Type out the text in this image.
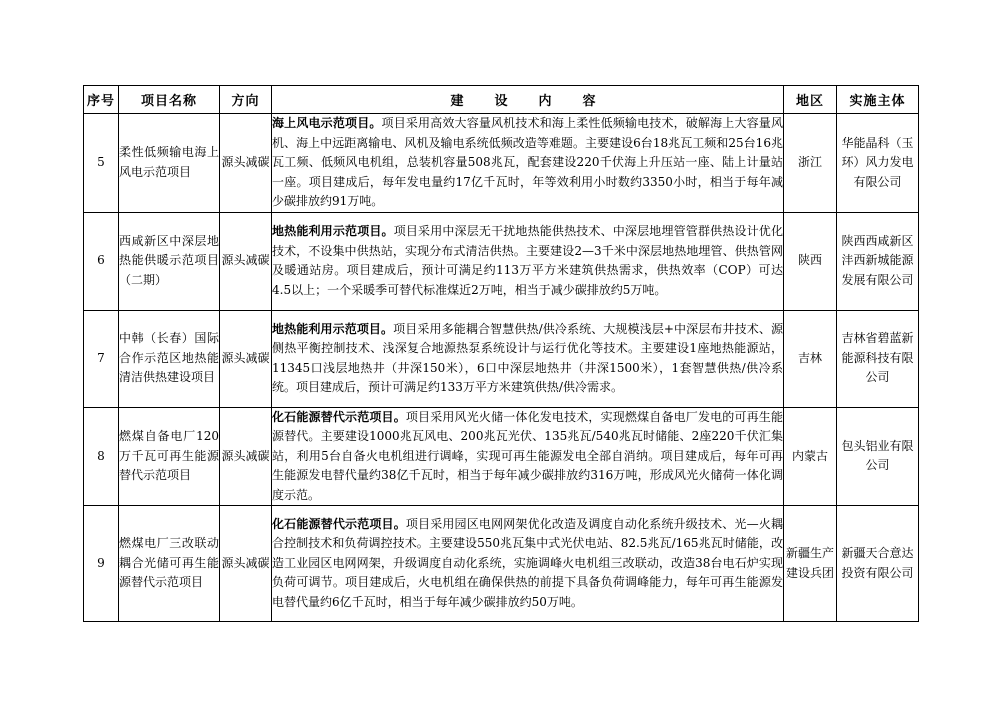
序号	项目名称	方向	建　设　内　容	地区	实施主体
5	柔性低频输电海上风电示范项目	源头减碳	海上风电示范项目。项目采用高效大容量风机技术和海上柔性低频输电技术，破解海上大容量风机、海上中远距离输电、风机及输电系统低频改造等难题。主要建设6台18兆瓦工频和25台16兆瓦工频、低频风电机组，总装机容量508兆瓦，配套建设220千伏海上升压站一座、陆上计量站一座。项目建成后，每年发电量约17亿千瓦时，年等效利用小时数约3350小时，相当于每年减少碳排放约91万吨。	浙江	华能晶科（玉环）风力发电有限公司
6	西咸新区中深层地热能供暖示范项目（二期）	源头减碳	地热能利用示范项目。项目采用中深层无干扰地热能供热技术、中深层地埋管管群供热设计优化技术，不设集中供热站，实现分布式清洁供热。主要建设2—3千米中深层地热地埋管、供热管网及暖通站房。项目建成后，预计可满足约113万平方米建筑供热需求，供热效率（COP）可达4.5以上；一个采暖季可替代标准煤近2万吨，相当于减少碳排放约5万吨。	陕西	陕西西咸新区沣西新城能源发展有限公司
7	中韩（长春）国际合作示范区地热能清洁供热建设项目	源头减碳	地热能利用示范项目。项目采用多能耦合智慧供热/供冷系统、大规模浅层+中深层布井技术、源侧热平衡控制技术、浅深复合地源热泵系统设计与运行优化等技术。主要建设1座地热能源站，11345口浅层地热井（井深150米），6口中深层地热井（井深1500米），1套智慧供热/供冷系统。项目建成后，预计可满足约133万平方米建筑供热/供冷需求。	吉林	吉林省碧蓝新能源科技有限公司
8	燃煤自备电厂120万千瓦可再生能源替代示范项目	源头减碳	化石能源替代示范项目。项目采用风光火储一体化发电技术，实现燃煤自备电厂发电的可再生能源替代。主要建设1000兆瓦风电、200兆瓦光伏、135兆瓦/540兆瓦时储能、2座220千伏汇集站，利用5台自备火电机组进行调峰，实现可再生能源发电全部自消纳。项目建成后，每年可再生能源发电替代量约38亿千瓦时，相当于每年减少碳排放约316万吨，形成风光火储荷一体化调度示范。	内蒙古	包头铝业有限公司
9	燃煤电厂三改联动耦合光储可再生能源替代示范项目	源头减碳	化石能源替代示范项目。项目采用园区电网网架优化改造及调度自动化系统升级技术、光—火耦合控制技术和负荷调控技术。主要建设550兆瓦集中式光伏电站、82.5兆瓦/165兆瓦时储能，改造工业园区电网网架，升级调度自动化系统，实施调峰火电机组三改联动，改造38台电石炉实现负荷可调节。项目建成后，火电机组在确保供热的前提下具备负荷调峰能力，每年可再生能源发电替代量约6亿千瓦时，相当于每年减少碳排放约50万吨。	新疆生产建设兵团	新疆天合意达投资有限公司
